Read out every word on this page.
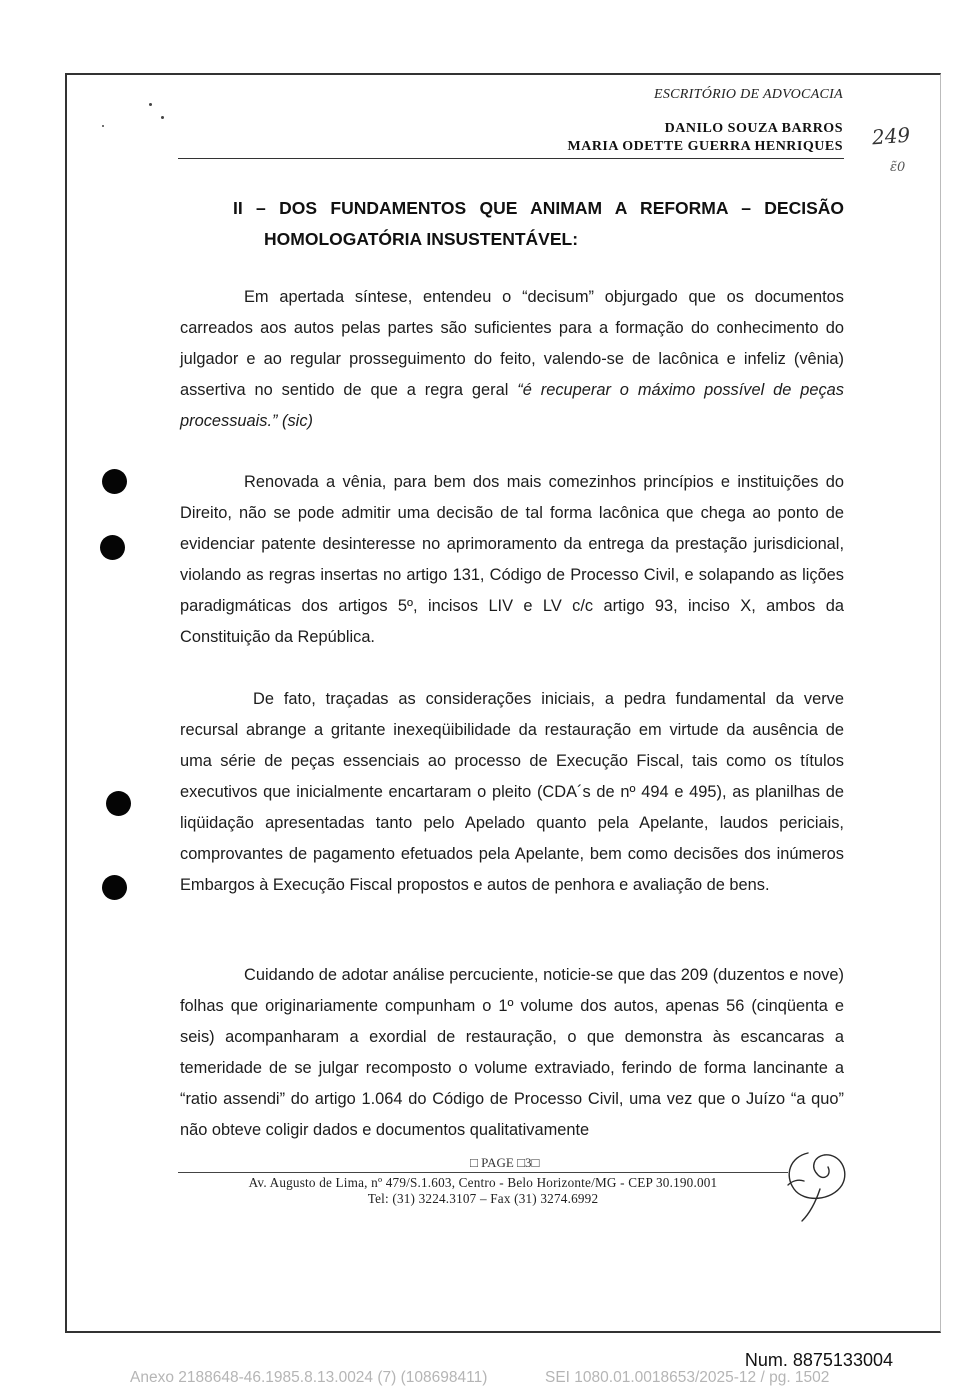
ESCRITÓRIO DE ADVOCACIA
DANILO SOUZA BARROS
MARIA ODETTE GUERRA HENRIQUES 249
ε̃0
II – DOS FUNDAMENTOS QUE ANIMAM A REFORMA – DECISÃO
HOMOLOGATÓRIA INSUSTENTÁVEL:

Em apertada síntese, entendeu o “decisum” objurgado que os documentos carreados aos autos pelas partes são suficientes para a formação do conhecimento do julgador e ao regular prosseguimento do feito, valendo-se de lacônica e infeliz (vênia) assertiva no sentido de que a regra geral “é recuperar o máximo possível de peças processuais.” (sic)

Renovada a vênia, para bem dos mais comezinhos princípios e instituições do Direito, não se pode admitir uma decisão de tal forma lacônica que chega ao ponto de evidenciar patente desinteresse no aprimoramento da entrega da prestação jurisdicional, violando as regras insertas no artigo 131, Código de Processo Civil, e solapando as lições paradigmáticas dos artigos 5º, incisos LIV e LV c/c artigo 93, inciso X, ambos da Constituição da República.

De fato, traçadas as considerações iniciais, a pedra fundamental da verve recursal abrange a gritante inexeqüibilidade da restauração em virtude da ausência de uma série de peças essenciais ao processo de Execução Fiscal, tais como os títulos executivos que inicialmente encartaram o pleito (CDA´s de nº 494 e 495), as planilhas de liqüidação apresentadas tanto pelo Apelado quanto pela Apelante, laudos periciais, comprovantes de pagamento efetuados pela Apelante, bem como decisões dos inúmeros Embargos à Execução Fiscal propostos e autos de penhora e avaliação de bens.

Cuidando de adotar análise percuciente, noticie-se que das 209 (duzentos e nove) folhas que originariamente compunham o 1º volume dos autos, apenas 56 (cinqüenta e seis) acompanharam a exordial de restauração, o que demonstra às escancaras a temeridade de se julgar recomposto o volume extraviado, ferindo de forma lancinante a “ratio assendi” do artigo 1.064 do Código de Processo Civil, uma vez que o Juízo “a quo” não obteve coligir dados e documentos qualitativamente

□ PAGE □3□
Av. Augusto de Lima, nº 479/S.1.603, Centro - Belo Horizonte/MG - CEP 30.190.001
Tel: (31) 3224.3107 – Fax (31) 3274.6992
Num. 8875133004
Anexo 2188648-46.1985.8.13.0024 (7) (108698411)	SEI 1080.01.0018653/2025-12 / pg. 1502
